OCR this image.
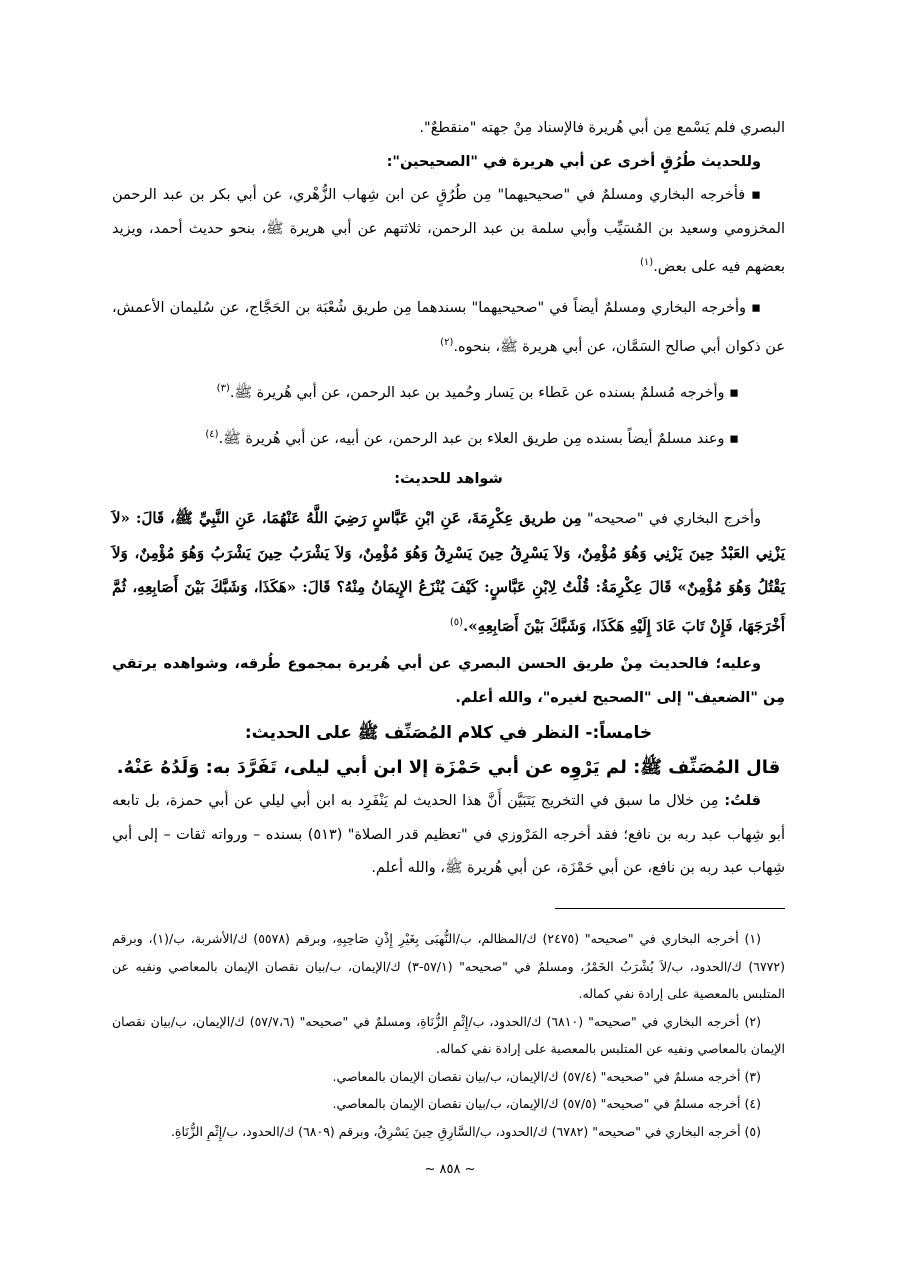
البصري فلم يَسْمع مِن أبي هُريرة فالإسناد مِنْ جهته "منقطعٌ".

وللحديث طُرُقٍ أخرى عن أبي هريرة في "الصحيحين":

▪ فأخرجه البخاري ومسلمٌ في "صحيحيهما" مِن طُرُقٍ عن ابن شِهاب الزُّهْري، عن أبي بكر بن عبد الرحمن المخزومي وسعيد بن المُسَيِّب وأبي سلمة بن عبد الرحمن، ثلاثتهم عن أبي هريرة ﷺ، بنحو حديث أحمد، ويزيد بعضهم فيه على بعض.$^{(١)}$

▪ وأخرجه البخاري ومسلمٌ أيضاً في "صحيحيهما" بسندهما مِن طريق شُعْبَة بن الحَجَّاج، عن سُليمان الأعمش، عن ذكوان أبي صالح السَمَّان، عن أبي هريرة ﷺ، بنحوه.$^{(٢)}$

▪ وأخرجه مُسلمٌ بسنده عن عَطاء بن يَسار وحُميد بن عبد الرحمن، عن أبي هُريرة ﷺ.$^{(٣)}$

▪ وعند مسلمٌ أيضاً بسنده مِن طريق العلاء بن عبد الرحمن، عن أبيه، عن أبي هُريرة ﷺ.$^{(٤)}$

شواهد للحديث:

وأخرج البخاري في "صحيحه" مِن طريق عِكْرِمَةَ، عَنِ ابْنِ عَبَّاسٍ رَضِيَ اللَّهُ عَنْهُمَا، عَنِ النَّبِيِّ ﷺ، قَالَ: «لاَ يَزْنِي العَبْدُ حِينَ يَزْنِي وَهُوَ مُؤْمِنٌ، وَلاَ يَسْرِقُ حِينَ يَسْرِقُ وَهُوَ مُؤْمِنٌ، وَلاَ يَشْرَبُ حِينَ يَشْرَبُ وَهُوَ مُؤْمِنٌ، وَلاَ يَقْتُلُ وَهُوَ مُؤْمِنٌ» قَالَ عِكْرِمَةُ: قُلْتُ لِابْنِ عَبَّاسٍ: كَيْفَ يُنْزَعُ الإِيمَانُ مِنْهُ؟ قَالَ: «هَكَذَا، وَشَبَّكَ بَيْنَ أَصَابِعِهِ، ثُمَّ أَخْرَجَهَا، فَإِنْ تَابَ عَادَ إِلَيْهِ هَكَذَا، وَشَبَّكَ بَيْنَ أَصَابِعِهِ».$^{(٥)}$

وعليه؛ فالحديث مِنْ طريق الحسن البصري عن أبي هُريرة بمجموع طُرقه، وشواهده يرتقي مِن "الضعيف" إلى "الصحيح لغيره"، والله أعلم.

خامساً:- النظر في كلام المُصَنِّف ﷺ على الحديث:

قال المُصَنِّف ﷺ: لم يَرْوِه عن أبي حَمْزَة إلا ابن أبي ليلى، تَفَرَّدَ به: وَلَدُهُ عَنْهُ.

قلتُ: مِن خلال ما سبق في التخريج يَتَبَيَّن أَنَّ هذا الحديث لم يَنْفَرِد به ابن أبي ليلي عن أبي حمزة، بل تابعه أبو شِهاب عبد ربه بن نافع؛ فقد أخرجه المَرْوزي في "تعظيم قدر الصلاة" (٥١٣) بسنده – ورواته ثقات – إلى أبي شِهاب عبد ربه بن نافع، عن أبي حَمْزَة، عن أبي هُريرة ﷺ، والله أعلم.

(١) أخرجه البخاري في "صحيحه" (٢٤٧٥) ك/المظالم، ب/النُّهبَى بِغَيْرِ إِذْنِ صَاحِبِهِ، وبرقم (٥٥٧٨) ك/الأشربة، ب/(١)، وبرقم (٦٧٧٢) ك/الحدود، ب/لاَ يُشْرَبُ الخَمْرُ، ومسلمٌ في "صحيحه" (٥٧/١-٣) ك/الإيمان، ب/بيان نقصان الإيمان بالمعاصي ونفيه عن المتلبس بالمعصية على إرادة نفي كماله.

(٢) أخرجه البخاري في "صحيحه" (٦٨١٠) ك/الحدود، ب/إِثْمِ الزُّنَاةِ، ومسلمٌ في "صحيحه" (٥٧/٧،٦) ك/الإيمان، ب/بيان نقصان الإيمان بالمعاصي ونفيه عن المتلبس بالمعصية على إرادة نفي كماله.

(٣) أخرجه مسلمٌ في "صحيحه" (٥٧/٤) ك/الإيمان، ب/بيان نقصان الإيمان بالمعاصي.

(٤) أخرجه مسلمٌ في "صحيحه" (٥٧/٥) ك/الإيمان، ب/بيان نقصان الإيمان بالمعاصي.

(٥) أخرجه البخاري في "صحيحه" (٦٧٨٢) ك/الحدود، ب/السَّارِقِ حِينَ يَسْرِقُ، وبرقم (٦٨٠٩) ك/الحدود، ب/إِثْمِ الزُّنَاةِ.

~ ٨٥٨ ~
